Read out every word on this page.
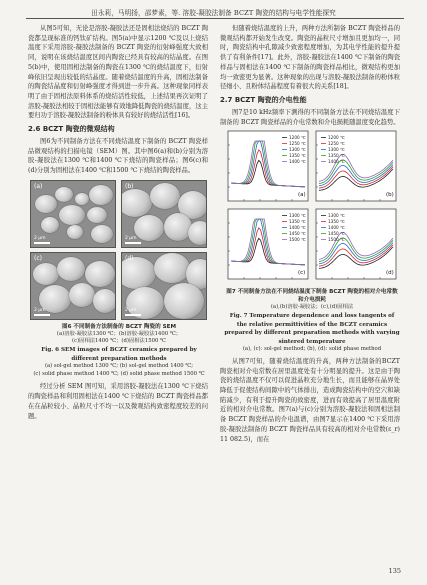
田永莉，马明扬，邵梦素，等. 溶胶-凝胶法制备 BCZT 陶瓷的结构与电学性能探究

从图5可知，无论是溶胶-凝胶法还是固相法烧结的 BCZT 陶瓷都呈现标准的钙钛矿结构。图5(a)中显示1200 ℃及以上烧结温度下采用溶胶-凝胶法制备的 BCZT 陶瓷的衍射峰强度大致相同，说明在该烧结温度区间内陶瓷已经具有较高的结晶度。在图5(b)中，使用固相法制备的陶瓷在1300 ℃的烧结温度下，衍射峰依旧呈现出较低的结晶度。随着烧结温度的升高，固相法制备的陶瓷结晶度和衍射峰强度才得到进一步升高。这种现象同样表明了由于固相法原料体系的烧结活性较低，上述结果再次证明了溶胶-凝胶法相较于固相法能够有效地降低陶瓷的烧结温度，这主要归功于溶胶-凝胶法制备的粉体具有较好的烧结活性[16]。

2.6 BCZT 陶瓷的微观结构

图6为不同制备方法在不同烧结温度下制备的 BCZT 陶瓷样品微观结构的扫描电镜（SEM）图。其中图6(a)和(b)分别为溶胶-凝胶法在1300 ℃和1400 ℃下烧结的陶瓷样品；图6(c)和(d)分别为固相法在1400 ℃和1500 ℃下烧结的陶瓷样品。

(a)
2 μm
(b)
2 μm
(c)
2 μm
(d)
2 μm

图6 不同制备方法制备的 BCZT 陶瓷的 SEM

(a)溶胶-凝胶法1300 ℃；(b)溶胶-凝胶法1400 ℃；

(c)固相法1400 ℃；(d)固相法1500 ℃

Fig. 6 SEM images of BCZT ceramics prepared by

different preparation methods

(a) sol-gel method 1300 ℃; (b) sol-gel method 1400 ℃;

(c) solid phase method 1400 ℃; (d) solid phase method 1500 ℃

经过分析 SEM 图可知，采用溶胶-凝胶法在1300 ℃下烧结的陶瓷样品和利用固相法在1400 ℃下烧结的 BCZT 陶瓷样品都在在晶粒较小、晶粒尺寸不均一以及微观结构致密程度较差的问题。

但随着烧结温度的上升，两种方法所制备 BCZT 陶瓷样品的微观结构都开始发生改变。陶瓷的晶粒尺寸增加且更加均一，同时，陶瓷结构中孔隙减少致密程度增加，为其电学性能的提升提供了有利条件[17]。此外，溶胶-凝胶法在1400 ℃下制备的陶瓷样品与固相法在1400 ℃下制备的陶瓷样品相比，微观结构更加均一致密更为显著。这种现象的出现与溶胶-凝胶法制备的粉体粒径细小、且粉体结晶程度有着很大的关系[18]。

2.7 BCZT 陶瓷的介电性能

图7是10 kHz频率下测得的不同制备方法在不同烧结温度下制备的 BCZT 陶瓷样品的介电常数和介电损耗随温度变化趋势。

1200 ℃
1250 ℃
1300 ℃
1350 ℃
1400 ℃
(a)
1200 ℃
1250 ℃
1300 ℃
1350 ℃
1400 ℃
(b)
1300 ℃
1350 ℃
1400 ℃
1450 ℃
1500 ℃
(c)
1300 ℃
1350 ℃
1400 ℃
1450 ℃
1500 ℃
(d)

图7 不同制备方法在不同烧结温度下制备 BCZT 陶瓷的相对介电常数和介电损耗

(a),(b)溶胶-凝胶法；(c),(d)固相法

Fig. 7 Temperature dependence and loss tangents of

the relative permittivities of the BCZT ceramics

prepared by different preparation methods with varying

sintered temperature

(a), (c): sol-gel method; (b), (d): solid phase method

从图7可知，随着烧结温度的升高，两种方法制备的BCZT 陶瓷相对介电常数在居里温度处有十分明显的提升。这是由于陶瓷的烧结温度不仅可以促进晶粒充分地生长，而且能够在晶界处降低于促使结构间隙中的气体排出，造成陶瓷结构中的空穴和缺陷减少，有利于提升陶瓷的致密度，进而有效提高了居里温度附近的相对介电常数。图7(a)与(c)分别为溶胶-凝胶法和固相法制备 BCZT 陶瓷样品的介电温谱，由图7显示在1400 ℃下采用溶胶-凝胶法制备的 BCZT 陶瓷样品具有较高的相对介电常数(ε_r)11 082.5)，而在

135
